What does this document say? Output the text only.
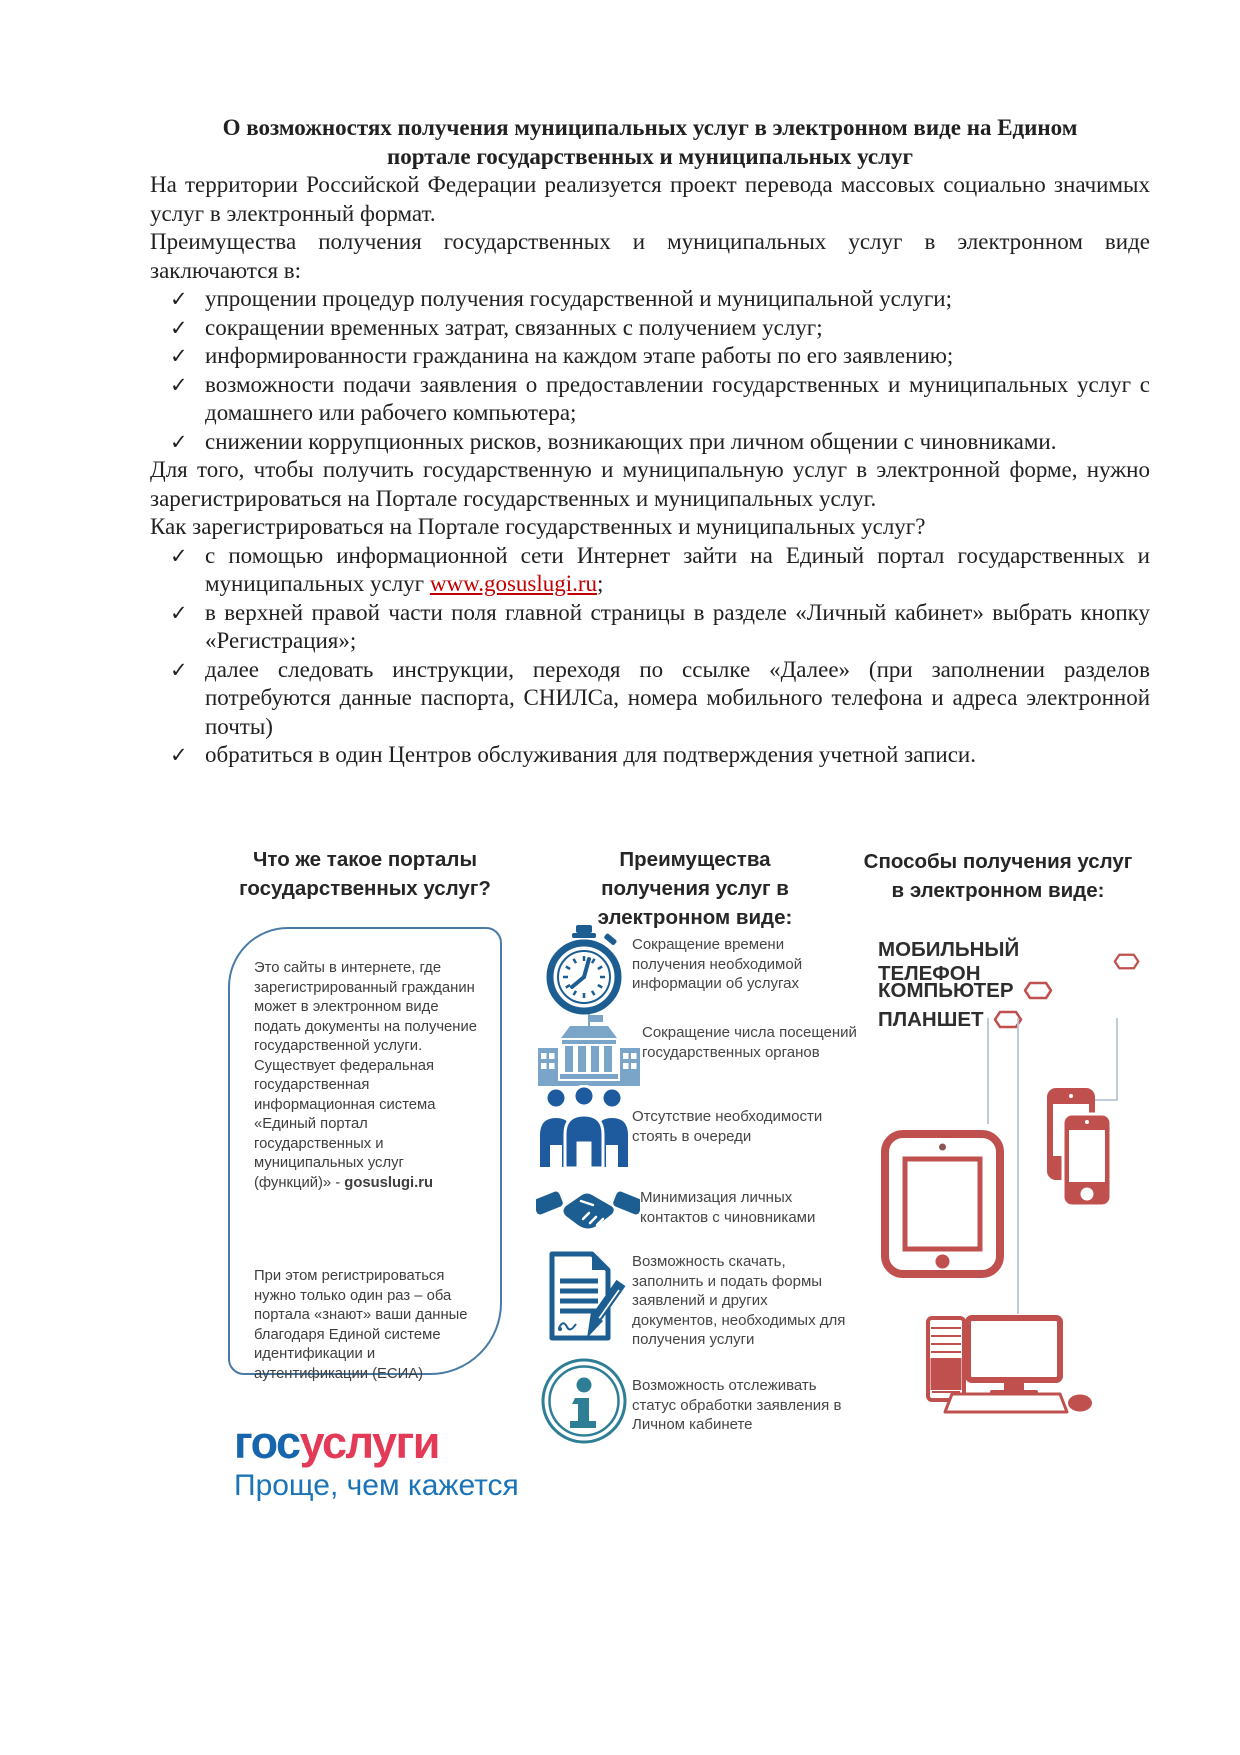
О возможностях получения муниципальных услуг в электронном виде на Едином
портале государственных и муниципальных услуг

На территории Российской Федерации реализуется проект перевода массовых социально значимых услуг в электронный формат.

Преимущества получения государственных и муниципальных услуг в электронном виде заключаются в:

✓ упрощении процедур получения государственной и муниципальной услуги;
✓ сокращении временных затрат, связанных с получением услуг;
✓ информированности гражданина на каждом этапе работы по его заявлению;
✓ возможности подачи заявления о предоставлении государственных и муниципальных услуг с домашнего или рабочего компьютера;
✓ снижении коррупционных рисков, возникающих при личном общении с чиновниками.

Для того, чтобы получить государственную и муниципальную услуг в электронной форме, нужно зарегистрироваться на Портале государственных и муниципальных услуг.

Как зарегистрироваться на Портале государственных и муниципальных услуг?

✓ с помощью информационной сети Интернет зайти на Единый портал государственных и муниципальных услуг www.gosuslugi.ru;
✓ в верхней правой части поля главной страницы в разделе «Личный кабинет» выбрать кнопку «Регистрация»;
✓ далее следовать инструкции, переходя по ссылке «Далее» (при заполнении разделов потребуются данные паспорта, СНИЛСа, номера мобильного телефона и адреса электронной почты)
✓ обратиться в один Центров обслуживания для подтверждения учетной записи.
Что же такое порталы
государственных услуг?
Это сайты в интернете, где зарегистрированный гражданин может в электронном виде подать документы на получение государственной услуги. Существует федеральная государственная информационная система «Единый портал государственных и муниципальных услуг (функций)» - gosuslugi.ru
При этом регистрироваться нужно только один раз – оба портала «знают» ваши данные благодаря Единой системе идентификации и аутентификации (ЕСИА)
госуслуги
Проще, чем кажется
Преимущества
получения услуг в
электронном виде:
Сокращение времени получения необходимой информации об услугах
Сокращение числа посещений государственных органов
Отсутствие необходимости стоять в очереди
Минимизация личных контактов с чиновниками
Возможность скачать, заполнить и подать формы заявлений и других документов, необходимых для получения услуги
Возможность отслеживать статус обработки заявления в Личном кабинете
Способы получения услуг
в электронном виде:
МОБИЛЬНЫЙ ТЕЛЕФОН
КОМПЬЮТЕР
ПЛАНШЕТ
